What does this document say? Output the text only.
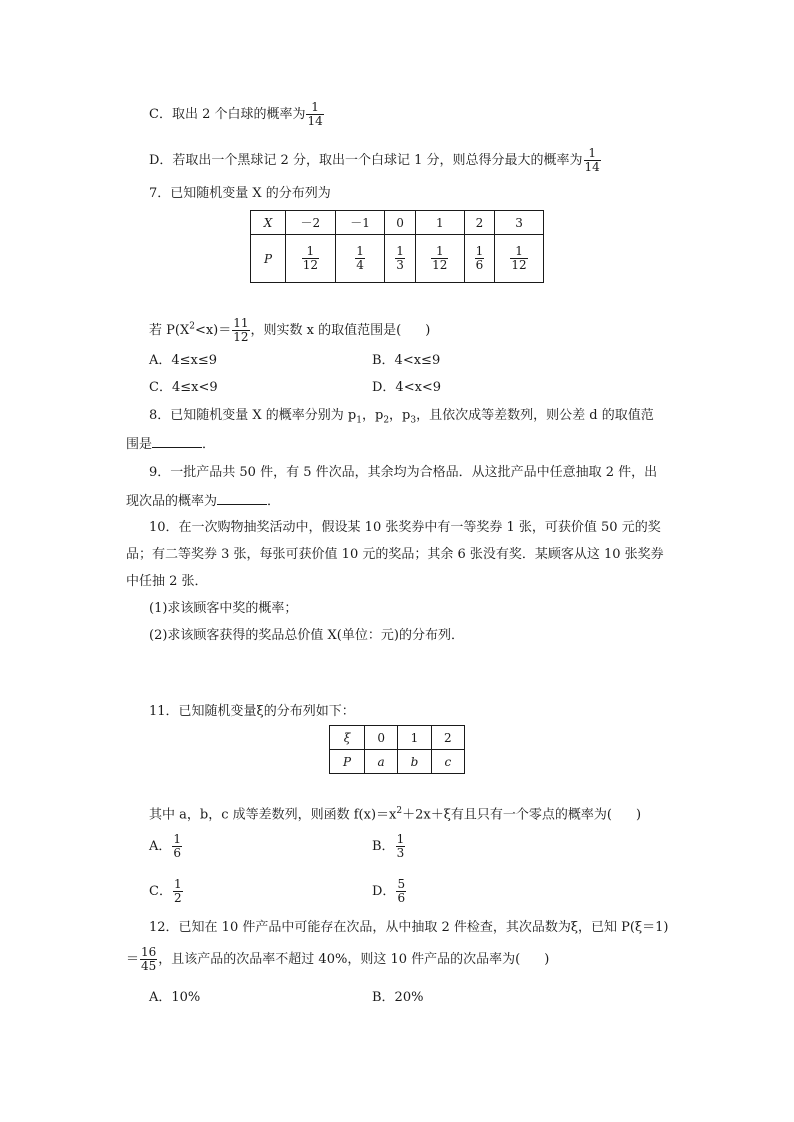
C．取出 2 个白球的概率为 $\frac{1}{14}$
D．若取出一个黑球记 2 分，取出一个白球记 1 分，则总得分最大的概率为 $\frac{1}{14}$
7．已知随机变量 X 的分布列为
X	－2	－1	0	1	2	3
P	$\frac{1}{12}$	$\frac{1}{4}$	$\frac{1}{3}$	$\frac{1}{12}$	$\frac{1}{6}$	$\frac{1}{12}$
若 $P(X^2<x)= \frac{11}{12}$ ，则实数 x 的取值范围是( )
A．4≤x≤9	B．4<x≤9
C．4≤x<9	D．4<x<9
8．已知随机变量 X 的概率分别为 $p_1$，$p_2$，$p_3$，且依次成等差数列，则公差 d 的取值范
围是	．
9．一批产品共 50 件，有 5 件次品，其余均为合格品．从这批产品中任意抽取 2 件，出
现次品的概率为	．
10．在一次购物抽奖活动中，假设某 10 张奖券中有一等奖券 1 张，可获价值 50 元的奖
品；有二等奖券 3 张，每张可获价值 10 元的奖品；其余 6 张没有奖．某顾客从这 10 张奖券
中任抽 2 张．
(1)求该顾客中奖的概率；
(2)求该顾客获得的奖品总价值 X(单位：元)的分布列．
11．已知随机变量ξ的分布列如下：
ξ	0	1	2
P	a	b	c
其中 a，b，c 成等差数列，则函数 $f(x)=x^2+2x+\xi$有且只有一个零点的概率为( )
A． $\frac{1}{6}$	B． $\frac{1}{3}$
C． $\frac{1}{2}$	D． $\frac{5}{6}$
12．已知在 10 件产品中可能存在次品，从中抽取 2 件检查，其次品数为ξ，已知 P(ξ＝1)
＝ $\frac{16}{45}$ ，且该产品的次品率不超过 40%，则这 10 件产品的次品率为( )
A．10%	B．20%
